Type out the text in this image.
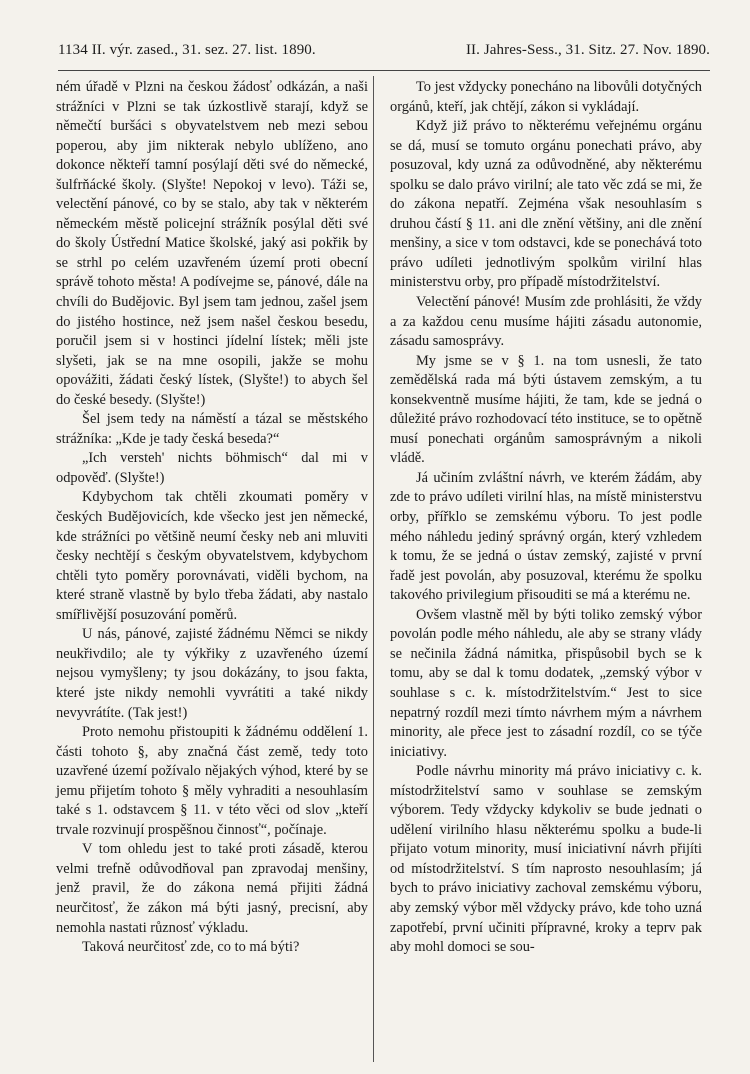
1134 II. výr. zased., 31. sez. 27. list. 1890.	II. Jahres-Sess., 31. Sitz. 27. Nov. 1890.

ném úřadě v Plzni na českou žádosť odkázán, a naši strážníci v Plzni se tak úzkostlivě starají, když se němečtí buršáci s obyvatelstvem neb mezi sebou poperou, aby jim nikterak nebylo ublíženo, ano dokonce někteří tamní posýlají děti své do německé, šulfrňácké školy. (Slyšte! Nepokoj v levo). Táži se, velectění pánové, co by se stalo, aby tak v některém německém městě policejní strážník posýlal děti své do školy Ústřední Matice školské, jaký asi pokřik by se strhl po celém uzavřeném území proti obecní správě tohoto města! A podívejme se, pánové, dále na chvíli do Budějovic. Byl jsem tam jednou, zašel jsem do jistého hostince, než jsem našel českou besedu, poručil jsem si v hostinci jídelní lístek; měli jste slyšeti, jak se na mne osopili, jakže se mohu opovážiti, žádati český lístek, (Slyšte!) to abych šel do české besedy. (Slyšte!)

Šel jsem tedy na náměstí a tázal se městského strážníka: „Kde je tady česká beseda?“

„Ich versteh' nichts böhmisch“ dal mi v odpověď. (Slyšte!)

Kdybychom tak chtěli zkoumati poměry v českých Budějovicích, kde všecko jest jen německé, kde strážníci po většině neumí česky neb ani mluviti česky nechtějí s českým obyvatelstvem, kdybychom chtěli tyto poměry porovnávati, viděli bychom, na které straně vlastně by bylo třeba žádati, aby nastalo smířlivější posuzování poměrů.

U nás, pánové, zajisté žádnému Němci se nikdy neukřivdilo; ale ty výkřiky z uzavřeného území nejsou vymyšleny; ty jsou dokázány, to jsou fakta, které jste nikdy nemohli vyvrátiti a také nikdy nevyvrátíte. (Tak jest!)

Proto nemohu přistoupiti k žádnému oddělení 1. části tohoto §, aby značná část země, tedy toto uzavřené území požívalo nějakých výhod, které by se jemu přijetím tohoto § měly vyhraditi a nesouhlasím také s 1. odstavcem § 11. v této věci od slov „kteří trvale rozvinují prospěšnou činnosť“, počínaje.

V tom ohledu jest to také proti zásadě, kterou velmi trefně odůvodňoval pan zpravodaj menšiny, jenž pravil, že do zákona nemá přijiti žádná neurčitosť, že zákon má býti jasný, precisní, aby nemohla nastati různosť výkladu.

Taková neurčitosť zde, co to má býti?

To jest vždycky ponecháno na libovůli dotyčných orgánů, kteří, jak chtějí, zákon si vykládají.

Když již právo to některému veřejnému orgánu se dá, musí se tomuto orgánu ponechati právo, aby posuzoval, kdy uzná za odůvodněné, aby některému spolku se dalo právo virilní; ale tato věc zdá se mi, že do zákona nepatří. Zejména však nesouhlasím s druhou částí § 11. ani dle znění většiny, ani dle znění menšiny, a sice v tom odstavci, kde se ponechává toto právo udíleti jednotlivým spolkům virilní hlas ministerstvu orby, pro případě místodržitelství.

Velectění pánové! Musím zde prohlásiti, že vždy a za každou cenu musíme hájiti zásadu autonomie, zásadu samosprávy.

My jsme se v § 1. na tom usnesli, že tato zemědělská rada má býti ústavem zemským, a tu konsekventně musíme hájiti, že tam, kde se jedná o důležité právo rozhodovací této instituce, se to opětně musí ponechati orgánům samosprávným a nikoli vládě.

Já učiním zvláštní návrh, ve kterém žádám, aby zde to právo udíleti virilní hlas, na místě ministerstvu orby, přířklo se zemskému výboru. To jest podle mého náhledu jediný správný orgán, který vzhledem k tomu, že se jedná o ústav zemský, zajisté v první řadě jest povolán, aby posuzoval, kterému že spolku takového privilegium přisouditi se má a kterému ne.

Ovšem vlastně měl by býti toliko zemský výbor povolán podle mého náhledu, ale aby se strany vlády se nečinila žádná námitka, přispůsobil bych se k tomu, aby se dal k tomu dodatek, „zemský výbor v souhlase s c. k. místodržitelstvím.“ Jest to sice nepatrný rozdíl mezi tímto návrhem mým a návrhem minority, ale přece jest to zásadní rozdíl, co se týče iniciativy.

Podle návrhu minority má právo iniciativy c. k. místodržitelství samo v souhlase se zemským výborem. Tedy vždycky kdykoliv se bude jednati o udělení virilního hlasu některému spolku a bude-li přijato votum minority, musí iniciativní návrh přijíti od místodržitelství. S tím naprosto nesouhlasím; já bych to právo iniciativy zachoval zemskému výboru, aby zemský výbor měl vždycky právo, kde toho uzná zapotřebí, první učiniti přípravné, kroky a teprv pak aby mohl domoci se sou-
